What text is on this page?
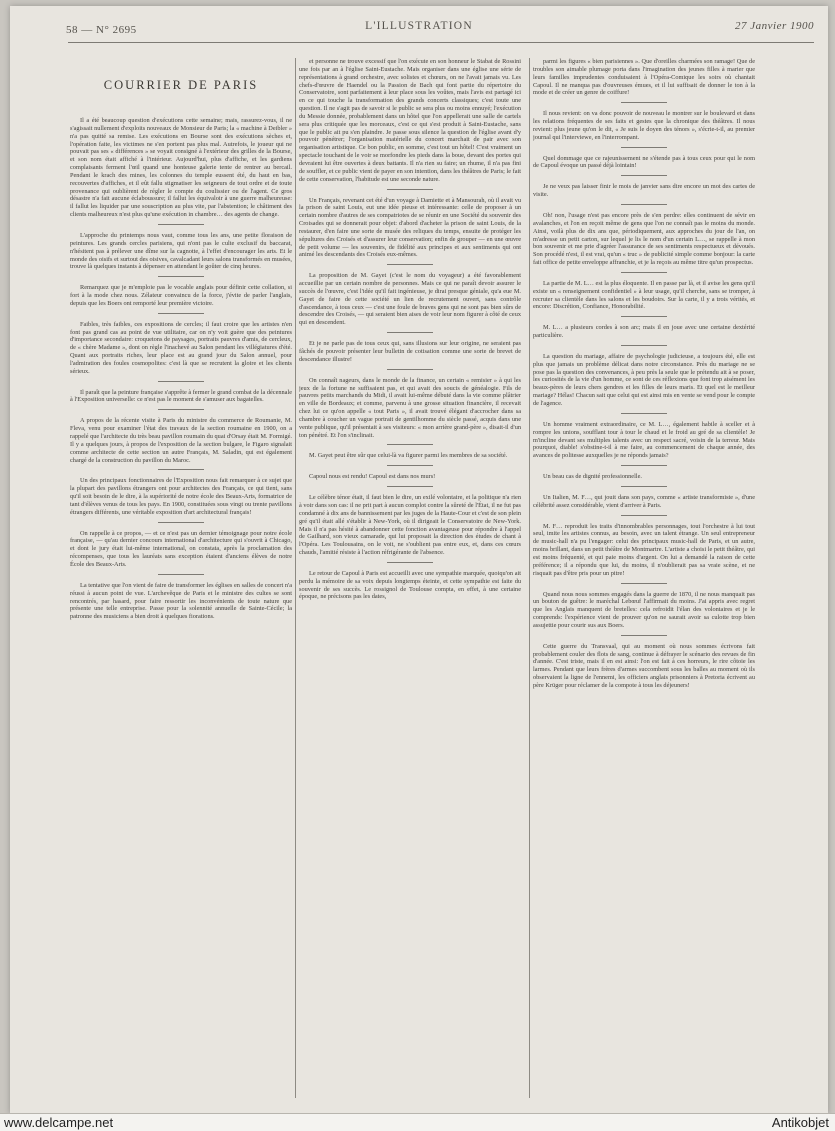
58 — N° 2695	L'ILLUSTRATION	27 Janvier 1900
COURRIER DE PARIS

Il a été beaucoup question d'exécutions cette semaine; mais, rassurez-vous, il ne s'agissait nullement d'exploits nouveaux de Monsieur de Paris; la « machine à Deibler » n'a pas quitté sa remise. Les exécutions en Bourse sont des exécutions sèches et, l'opération faite, les victimes ne s'en portent pas plus mal. Autrefois, le joueur qui ne pouvait pas ses « différences » se voyait consigné à l'extérieur des grilles de la Bourse, et son nom était affiché à l'intérieur. Aujourd'hui, plus d'affiche, et les gardiens complaisants ferment l'œil quand une honteuse galerie tente de rentrer au bercail. Pendant le krach des mines, les colonnes du temple eussent été, du haut en bas, recouvertes d'affiches, et il eût fallu stigmatiser les seigneurs de tout ordre et de toute provenance qui oublièrent de régler le compte du coulissier ou de l'agent. Ce gros désastre n'a fait aucune éclaboussure; il fallut les équivaloir à une guerre malheureuse: il fallut les liquider par une souscription au plus vite, par l'abstention; le châtiment des clients malheureux n'est plus qu'une exécution in chambre… des agents de change.

L'approche du printemps nous vaut, comme tous les ans, une petite floraison de peintures. Les grands cercles parisiens, qui n'ont pas le culte exclusif du baccarat, n'hésitent pas à prélever une dîme sur la cagnotte, à l'effet d'encourager les arts. Et le monde des oisifs et surtout des oisives, cavalcadant leurs salons transformés en musées, trouve là quelques instants à dépenser en attendant le goûter de cinq heures.

Remarquez que je m'emploie pas le vocable anglais pour définir cette collation, si fort à la mode chez nous. Zélateur convaincu de la force, j'évite de parler l'anglais, depuis que les Boers ont remporté leur première victoire.

Faibles, très faibles, ces expositions de cercles; il faut croire que les artistes n'en font pas grand cas au point de vue utilitaire, car on n'y voit guère que des peintures d'importance secondaire: croquetons de paysages, portraits pauvres d'amis, de cercleux, de « chère Madame », dont on règle l'inachevé au Salon pendant les villégiatures d'été. Quant aux portraits riches, leur place est au grand jour du Salon annuel, pour l'admiration des foules cosmopolites: c'est là que se recrutent la gloire et les clients sérieux.

Il paraît que la peinture française s'apprête à fermer le grand combat de la décennale à l'Exposition universelle: ce n'est pas le moment de s'amuser aux bagatelles.

A propos de la récente visite à Paris du ministre du commerce de Roumanie, M. Fleva, venu pour examiner l'état des travaux de la section roumaine en 1900, on a rappelé que l'architecte du très beau pavillon roumain du quai d'Orsay était M. Formigé. Il y a quelques jours, à propos de l'exposition de la section bulgare, le Figaro signalait comme architecte de cette section un autre Français, M. Saladin, qui est également chargé de la construction du pavillon du Maroc.

Un des principaux fonctionnaires de l'Exposition nous fait remarquer à ce sujet que la plupart des pavillons étrangers ont pour architectes des Français, ce qui tient, sans qu'il soit besoin de le dire, à la supériorité de notre école des Beaux-Arts, formatrice de tant d'élèves venus de tous les pays. En 1900, constituées sous vingt ou trente pavillons étrangers différents, une véritable exposition d'art architectural français!

On rappelle à ce propos, — et ce n'est pas un dernier témoignage pour notre école française, — qu'au dernier concours international d'architecture qui s'ouvrit à Chicago, et dont le jury était lui-même international, on constata, après la proclamation des récompenses, que tous les lauréats sans exception étaient d'anciens élèves de notre École des Beaux-Arts.

La tentative que l'on vient de faire de transformer les églises en salles de concert n'a réussi à aucun point de vue. L'archevêque de Paris et le ministre des cultes se sont rencontrés, par hasard, pour faire ressortir les inconvénients de toute nature que présente une telle entreprise. Passe pour la solennité annuelle de Sainte-Cécile; la patronne des musiciens a bien droit à quelques fiorations.

et personne ne trouve excessif que l'on exécute en son honneur le Stabat de Rossini une fois par an à l'église Saint-Eustache. Mais organiser dans une église une série de représentations à grand orchestre, avec solistes et chœurs, on ne l'avait jamais vu. Les chefs-d'œuvre de Haendel ou la Passion de Bach qui font partie du répertoire du Conservatoire, sont parfaitement à leur place sous les voûtes, mais l'avis est partagé ici en ce qui touche la transformation des grands concerts classiques; c'est toute une question. Il ne s'agit pas de savoir si le public se sera plus ou moins ennuyé; l'exécution du Messie donnée, probablement dans un hôtel que l'on appellerait une salle de cartels sera plus critiquée que les morceaux, c'est ce qui s'est produit à Saint-Eustache, sans que le public ait pu s'en plaindre. Je passe sous silence la question de l'église avant d'y pouvoir pénétrer; l'organisation matérielle du concert marchait de pair avec son organisation artistique. Ce bon public, en somme, c'est tout un hôtel! C'est vraiment un spectacle touchant de le voir se morfondre les pieds dans la boue, devant des portes qui devraient lui être ouvertes à deux battants. Il n'a rien su faire; un rhume, il n'a pas fini de souffler, et ce public vient de payer en son intention, dans les théâtres de Paris; le fait de cette conservation, l'habitude est une seconde nature.

Un Français, revenant cet été d'un voyage à Damiette et à Mansourah, où il avait vu la prison de saint Louis, eut une idée pieuse et intéressante: celle de proposer à un certain nombre d'autres de ses compatriotes de se réunir en une Société du souvenir des Croisades qui se donnerait pour objet: d'abord d'acheter la prison de saint Louis, de la restaurer, d'en faire une sorte de musée des reliques du temps, ensuite de protéger les sépultures des Croisés et d'assurer leur conservation; enfin de grouper — en une œuvre de petit volume — les souvenirs, de fidélité aux principes et aux sentiments qui ont animé les descendants des Croisés eux-mêmes.

La proposition de M. Gayet (c'est le nom du voyageur) a été favorablement accueillie par un certain nombre de personnes. Mais ce qui ne paraît devoir assurer le succès de l'œuvre, c'est l'idée qu'il fait ingénieuse, je dirai presque géniale, qu'a eue M. Gayet de faire de cette société un lien de recrutement ouvert, sans contrôle d'ascendance, à tous ceux — c'est une foule de braves gens qui ne sont pas bien sûrs de descendre des Croisés, — qui seraient bien aises de voir leur nom figurer à côté de ceux qui en descendent.

Et je ne parle pas de tous ceux qui, sans illusions sur leur origine, ne seraient pas fâchés de pouvoir présenter leur bulletin de cotisation comme une sorte de brevet de descendance illustre!

On connaît nageurs, dans le monde de la finance, un certain « remisier » à qui les jeux de la fortune ne suffisaient pas, et qui avait des soucis de généalogie. Fils de pauvres petits marchands du Midi, il avait lui-même débuté dans la vie comme plâtrier en ville de Bordeaux; et comme, parvenu à une grosse situation financière, il recevait chez lui ce qu'on appelle « tout Paris », il avait trouvé élégant d'accrocher dans sa chambre à coucher un vague portrait de gentilhomme du siècle passé, acquis dans une vente publique, qu'il présentait à ses visiteurs: « mon arrière grand-père », disait-il d'un ton pénétré. Et l'on s'inclinait.

M. Gayet peut être sûr que celui-là va figurer parmi les membres de sa société.

Capoul nous est rendu! Capoul est dans nos murs!

Le célèbre ténor était, il faut bien le dire, un exilé volontaire, et la politique n'a rien à voir dans son cas: il ne prit part à aucun complot contre la sûreté de l'État, il ne fut pas condamné à dix ans de bannissement par les juges de la Haute-Cour et c'est de son plein gré qu'il était allé s'établir à New-York, où il dirigeait le Conservatoire de New-York. Mais il n'a pas hésité à abandonner cette fonction avantageuse pour répondre à l'appel de Gailhard, son vieux camarade, qui lui proposait la direction des études de chant à l'Opéra. Les Toulousains, on le voit, ne s'oublient pas entre eux, et, dans ces cœurs chauds, l'amitié résiste à l'action réfrigérante de l'absence.

Le retour de Capoul à Paris est accueilli avec une sympathie marquée, quoiqu'on ait perdu la mémoire de sa voix depuis longtemps éteinte, et cette sympathie est faite du souvenir de ses succès. Le rossignol de Toulouse compta, en effet, à une certaine époque, ne précisons pas les dates,

parmi les figures « bien parisiennes ». Que d'oreilles charmées son ramage! Que de troubles son aimable plumage porta dans l'imagination des jeunes filles à marier que leurs familles imprudentes conduisaient à l'Opéra-Comique les soirs où chantait Capoul. Il ne manqua pas d'ouvreuses émues, et il lui suffisait de donner le ton à la mode et de créer un genre de coiffure!

Il nous revient: on va donc pouvoir de nouveau le montrer sur le boulevard et dans les relations fréquentes de ses faits et gestes que la chronique des théâtres. Il nous revient: plus jeune qu'on le dit, « Je suis le doyen des ténors », s'écrie-t-il, au premier journal qui l'interviewe, en l'interrompant.

Quel dommage que ce rajeunissement ne s'étende pas à tous ceux pour qui le nom de Capoul évoque un passé déjà lointain!

Je ne veux pas laisser finir le mois de janvier sans dire encore un mot des cartes de visite.

Oh! non, l'usage n'est pas encore près de s'en perdre: elles continuent de sévir en avalanches, et l'on en reçoit même de gens que l'on ne connaît pas le moins du monde. Ainsi, voilà plus de dix ans que, périodiquement, aux approches du jour de l'an, on m'adresse un petit carton, sur lequel je lis le nom d'un certain L…, se rappelle à mon bon souvenir et me prie d'agréer l'assurance de ses sentiments respectueux et dévoués. Son procédé n'est, il est vrai, qu'un « truc » de publicité simple comme bonjour: la carte fait office de petite enveloppe affranchie, et je la reçois au même titre qu'un prospectus.

La partie de M. L… est la plus éloquente. Il en passe par là, et il avise les gens qu'il existe un « renseignement confidentiel » à leur usage, qu'il cherche, sans se tromper, à recruter sa clientèle dans les salons et les boudoirs. Sur la carte, il y a trois vérités, et encore: Discrétion, Confiance, Honorabilité.

M. L… a plusieurs cordes à son arc; mais il en joue avec une certaine dextérité particulière.

La question du mariage, affaire de psychologie judicieuse, a toujours été, elle est plus que jamais un problème délicat dans notre circonstance. Près du mariage ne se pose pas la question des convenances, à peu près la seule que le prétendu ait à se poser, les curiosités de la vie d'un homme, ce sont de ces réflexions que font trop aisément les beaux-pères de leurs chers gendres et les filles de leurs maris. Et quel est le meilleur mariage? Hélas! Chacun sait que celui qui est ainsi mis en vente se vend pour le compte de l'agence.

Un homme vraiment extraordinaire, ce M. L…, également habile à sceller et à rompre les unions, soufflant tour à tour le chaud et le froid au gré de sa clientèle! Je m'incline devant ses multiples talents avec un respect sacré, voisin de la terreur. Mais pourquoi, diable! s'obstine-t-il à me faire, au commencement de chaque année, des avances de politesse auxquelles je ne réponds jamais?

Un beau cas de dignité professionnelle.

Un Italien, M. F…, qui jouit dans son pays, comme « artiste transformiste », d'une célébrité assez considérable, vient d'arriver à Paris.

M. F… reproduit les traits d'innombrables personnages, tout l'orchestre à lui tout seul, imite les artistes connus, au besoin, avec un talent étrange. Un seul entrepreneur de music-hall n'a pu l'engager: celui des principaux music-hall de Paris, et un autre, moins brillant, dans un petit théâtre de Montmartre. L'artiste a choisi le petit théâtre, qui est moins fréquenté, et qui paie moins d'argent. On lui a demandé la raison de cette préférence; il a répondu que lui, du moins, il n'oublierait pas sa vraie scène, et ne risquait pas d'être pris pour un pitre!

Quand nous nous sommes engagés dans la guerre de 1870, il ne nous manquait pas un bouton de guêtre: le maréchal Lebœuf l'affirmait du moins. J'ai appris avec regret que les Anglais manquent de bretelles: cela refroidit l'élan des volontaires et je le comprends: l'expérience vient de prouver qu'on ne saurait avoir sa culotte trop bien assujettie pour courir sus aux Boers.

Cette guerre du Transvaal, qui au moment où nous sommes écrivons fait probablement couler des flots de sang, continue à défrayer le scénario des revues de fin d'année. C'est triste, mais il en est ainsi: l'on est fait à ces horreurs, le rire côtoie les larmes. Pendant que leurs frères d'armes succombent sous les balles au moment où ils observaient la ligne de l'ennemi, les officiers anglais prisonniers à Pretoria écrivent au père Krüger pour réclamer de la compote à tous les déjeuners!

www.delcampe.net	Antikobjet
